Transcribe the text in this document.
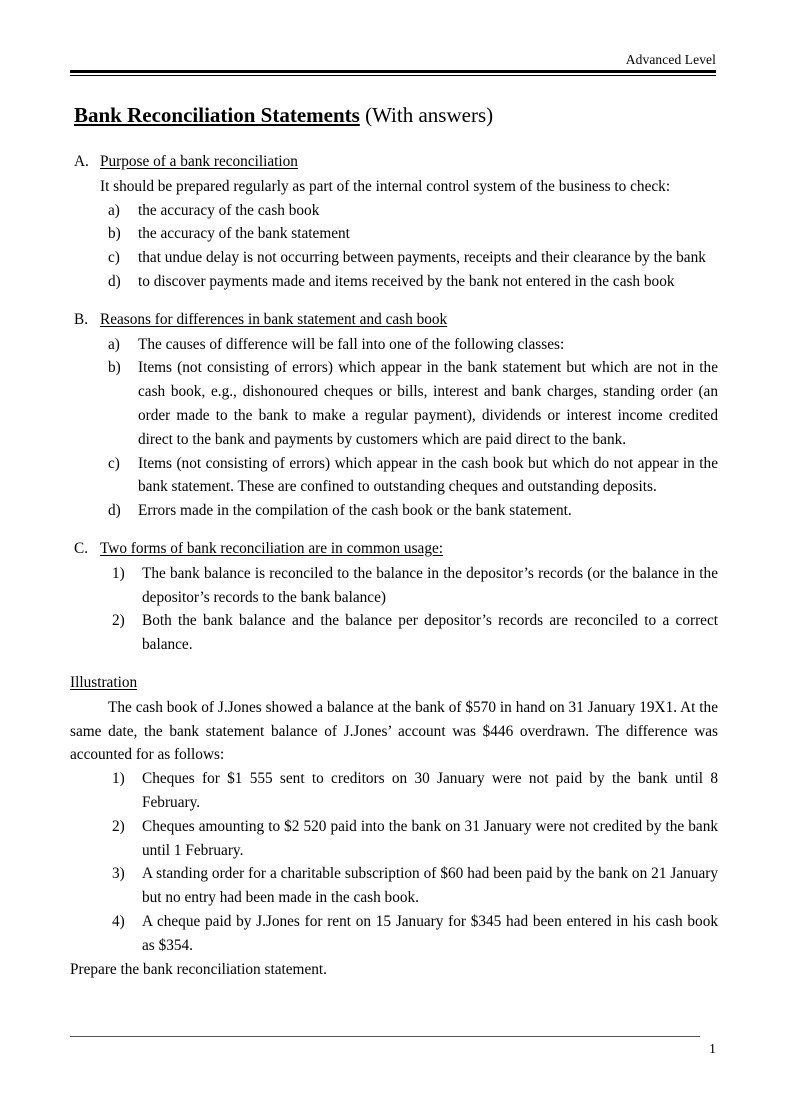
Advanced Level
Bank Reconciliation Statements (With answers)
A. Purpose of a bank reconciliation
It should be prepared regularly as part of the internal control system of the business to check:
a) the accuracy of the cash book
b) the accuracy of the bank statement
c) that undue delay is not occurring between payments, receipts and their clearance by the bank
d) to discover payments made and items received by the bank not entered in the cash book
B. Reasons for differences in bank statement and cash book
a) The causes of difference will be fall into one of the following classes:
b) Items (not consisting of errors) which appear in the bank statement but which are not in the cash book, e.g., dishonoured cheques or bills, interest and bank charges, standing order (an order made to the bank to make a regular payment), dividends or interest income credited direct to the bank and payments by customers which are paid direct to the bank.
c) Items (not consisting of errors) which appear in the cash book but which do not appear in the bank statement. These are confined to outstanding cheques and outstanding deposits.
d) Errors made in the compilation of the cash book or the bank statement.
C. Two forms of bank reconciliation are in common usage:
1) The bank balance is reconciled to the balance in the depositor’s records (or the balance in the depositor’s records to the bank balance)
2) Both the bank balance and the balance per depositor’s records are reconciled to a correct balance.
Illustration
The cash book of J.Jones showed a balance at the bank of $570 in hand on 31 January 19X1. At the same date, the bank statement balance of J.Jones’ account was $446 overdrawn. The difference was accounted for as follows:
1) Cheques for $1 555 sent to creditors on 30 January were not paid by the bank until 8 February.
2) Cheques amounting to $2 520 paid into the bank on 31 January were not credited by the bank until 1 February.
3) A standing order for a charitable subscription of $60 had been paid by the bank on 21 January but no entry had been made in the cash book.
4) A cheque paid by J.Jones for rent on 15 January for $345 had been entered in his cash book as $354.
Prepare the bank reconciliation statement.
1
